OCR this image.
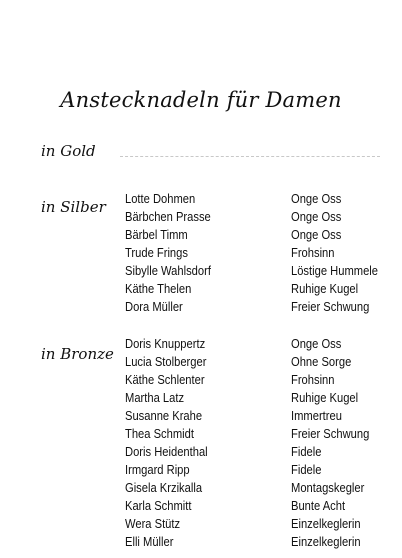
Anstecknadeln für Damen
in Gold
in Silber Lotte Dohmen
Bärbchen Prasse
Bärbel Timm
Trude Frings
Sibylle Wahlsdorf
Käthe Thelen
Dora Müller
Onge Oss
Onge Oss
Onge Oss
Frohsinn
Löstige Hummele
Ruhige Kugel
Freier Schwung
in Bronze
Doris Knuppertz
Lucia Stolberger
Käthe Schlenter
Martha Latz
Susanne Krahe
Thea Schmidt
Doris Heidenthal
Irmgard Ripp
Gisela Krzikalla
Karla Schmitt
Wera Stütz
Elli Müller
Onge Oss
Ohne Sorge
Frohsinn
Ruhige Kugel
Immertreu
Freier Schwung
Fidele
Fidele
Montagskegler
Bunte Acht
Einzelkeglerin
Einzelkeglerin
